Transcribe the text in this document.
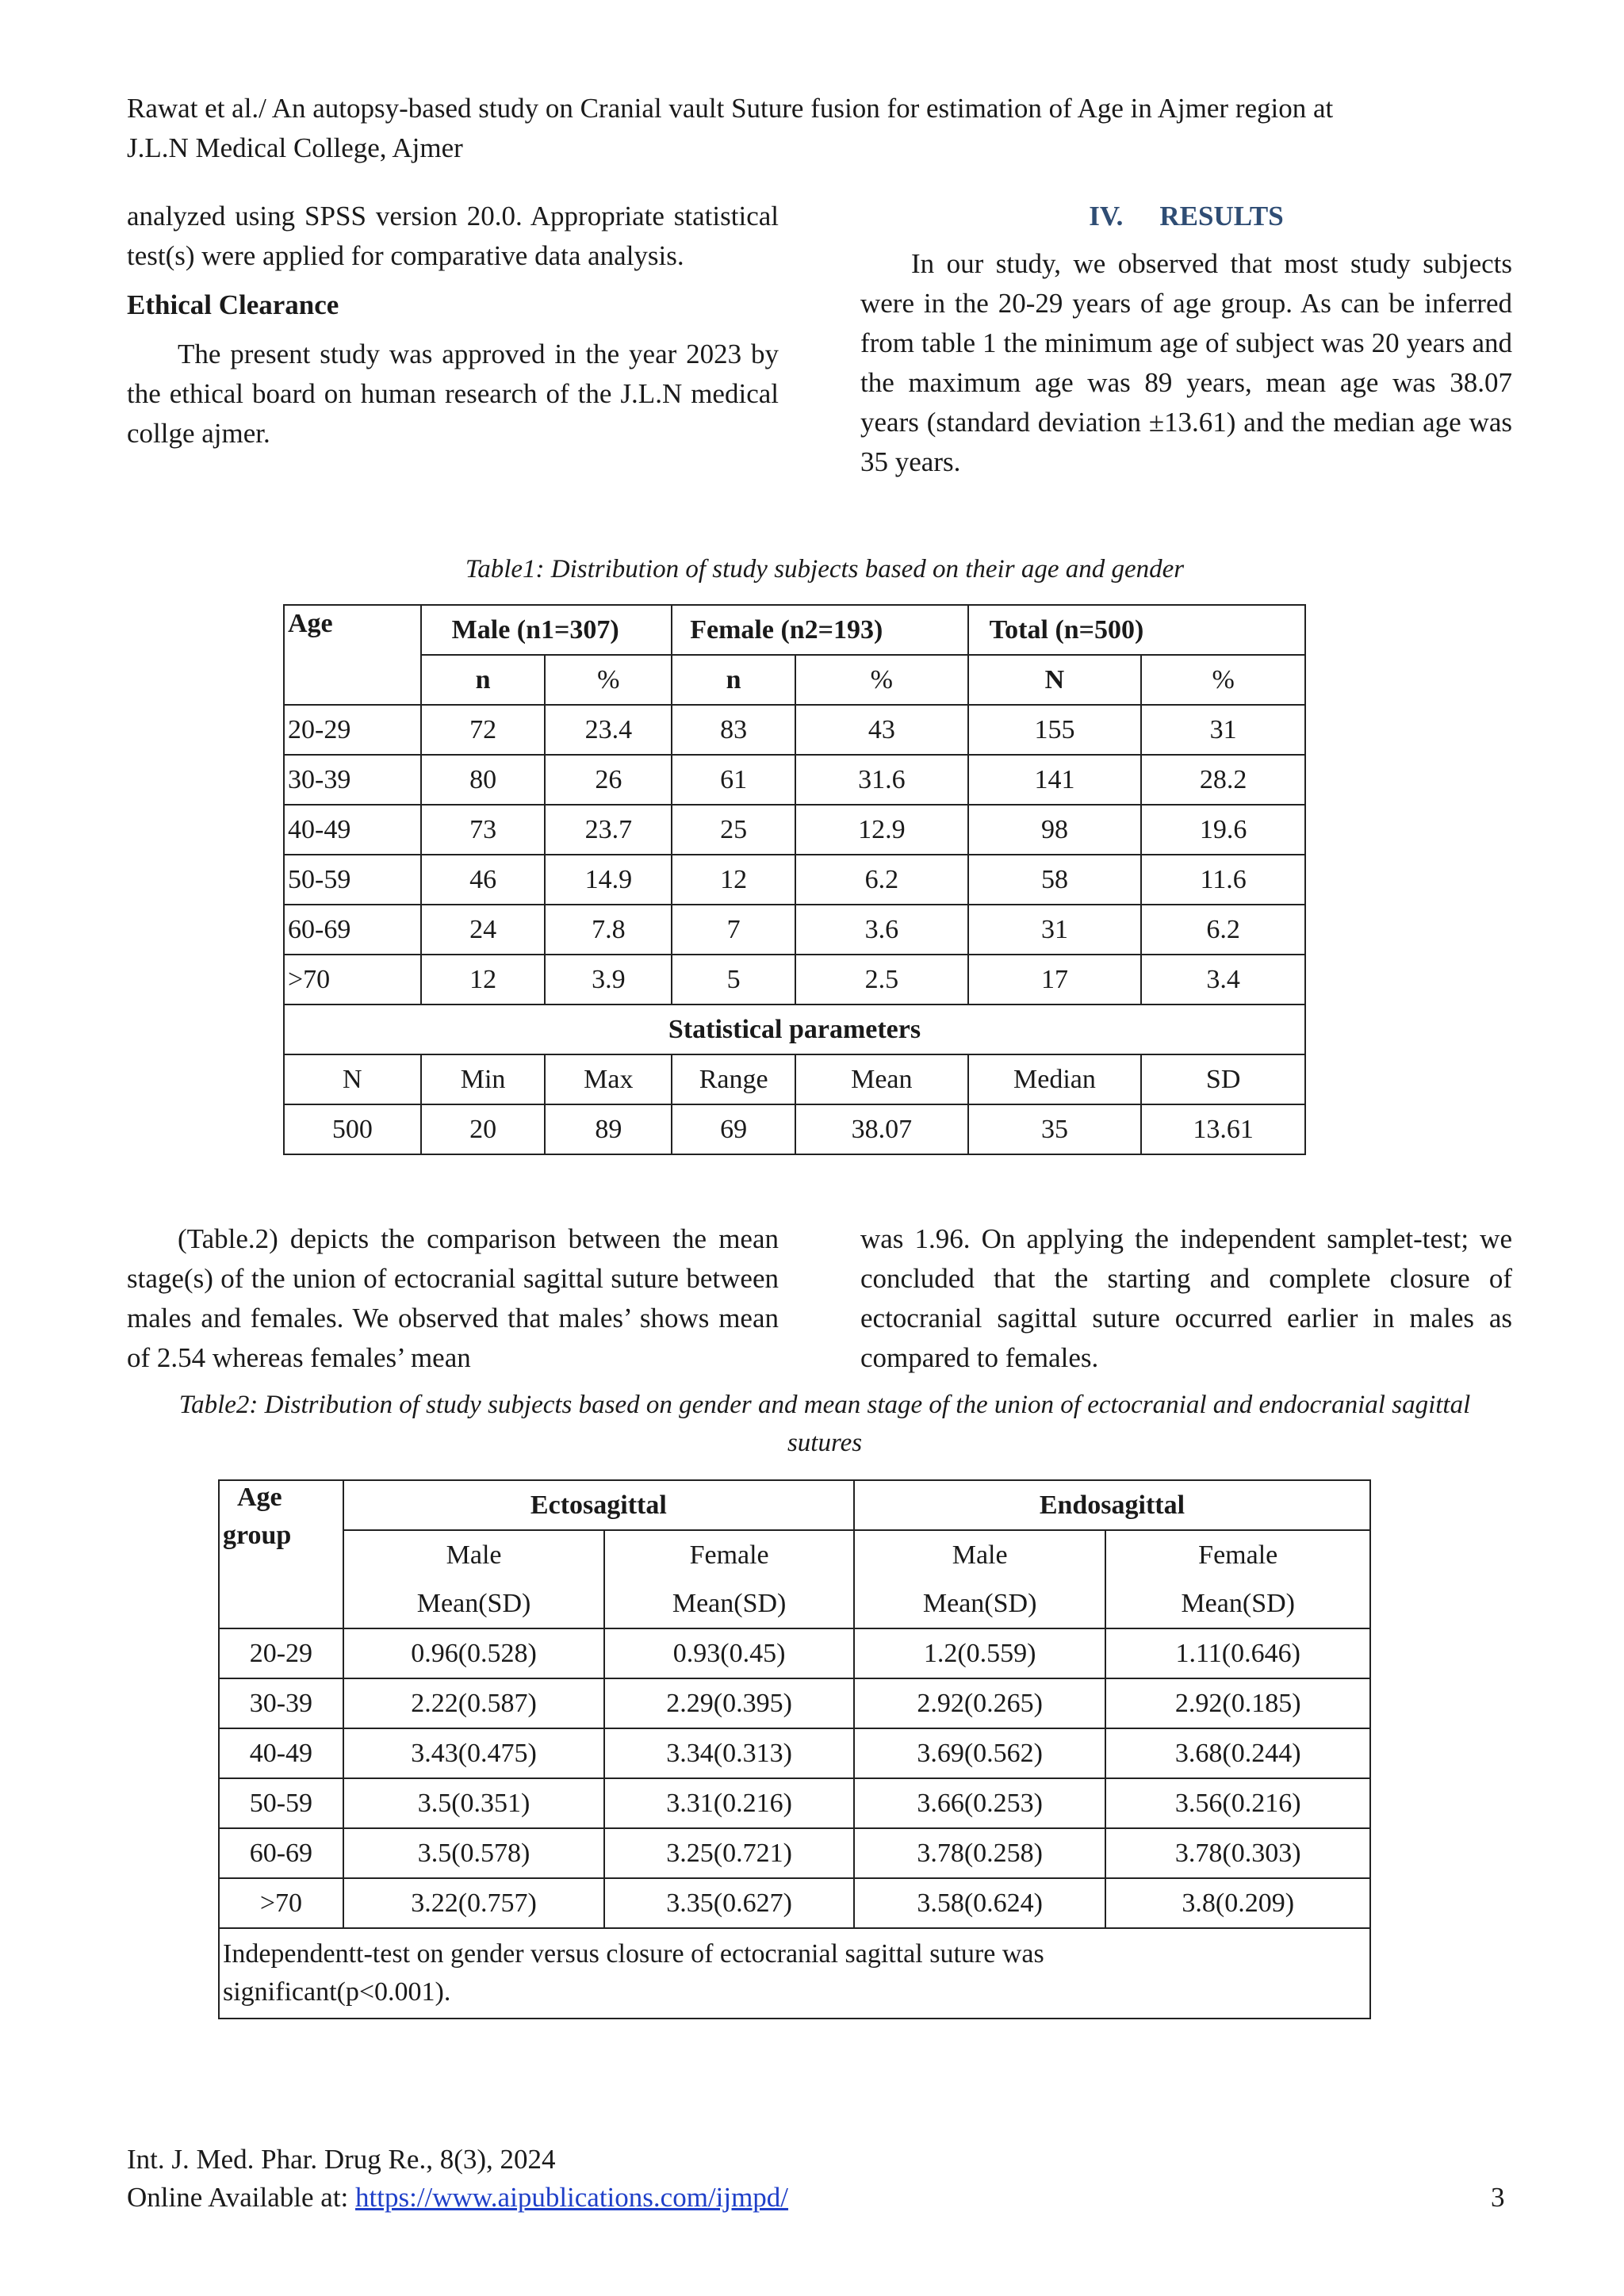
Rawat et al./ An autopsy-based study on Cranial vault Suture fusion for estimation of Age in Ajmer region at
J.L.N Medical College, Ajmer

analyzed using SPSS version 20.0. Appropriate statistical test(s) were applied for comparative data analysis.

Ethical Clearance

The present study was approved in the year 2023 by the ethical board on human research of the J.L.N medical collge ajmer.

IV. RESULTS

In our study, we observed that most study subjects were in the 20-29 years of age group. As can be inferred from table 1 the minimum age of subject was 20 years and the maximum age was 89 years, mean age was 38.07 years (standard deviation ±13.61) and the median age was 35 years.

Table1: Distribution of study subjects based on their age and gender
Age	Male (n1=307)		Female (n2=193)		Total (n=500)	
	n	%	n	%	N	%
20-29	72	23.4	83	43	155	31
30-39	80	26	61	31.6	141	28.2
40-49	73	23.7	25	12.9	98	19.6
50-59	46	14.9	12	6.2	58	11.6
60-69	24	7.8	7	3.6	31	6.2
>70	12	3.9	5	2.5	17	3.4
Statistical parameters						
N	Min	Max	Range	Mean	Median	SD
500	20	89	69	38.07	35	13.61

(Table.2) depicts the comparison between the mean stage(s) of the union of ectocranial sagittal suture between males and females. We observed that males’ shows mean of 2.54 whereas females’ mean

was 1.96. On applying the independent samplet-test; we concluded that the starting and complete closure of ectocranial sagittal suture occurred earlier in males as compared to females.

Table2: Distribution of study subjects based on gender and mean stage of the union of ectocranial and endocranial sagittal
sutures
Age
group	Ectosagittal		Endosagittal	
	Male	Female	Male	Female
	Mean(SD)	Mean(SD)	Mean(SD)	Mean(SD)
20-29	0.96(0.528)	0.93(0.45)	1.2(0.559)	1.11(0.646)
30-39	2.22(0.587)	2.29(0.395)	2.92(0.265)	2.92(0.185)
40-49	3.43(0.475)	3.34(0.313)	3.69(0.562)	3.68(0.244)
50-59	3.5(0.351)	3.31(0.216)	3.66(0.253)	3.56(0.216)
60-69	3.5(0.578)	3.25(0.721)	3.78(0.258)	3.78(0.303)
>70	3.22(0.757)	3.35(0.627)	3.58(0.624)	3.8(0.209)

Independentt-test on gender versus closure of ectocranial sagittal suture was
significant(p<0.001).				
Int. J. Med. Phar. Drug Re., 8(3), 2024
Online Available at: https://www.aipublications.com/ijmpd/	3
